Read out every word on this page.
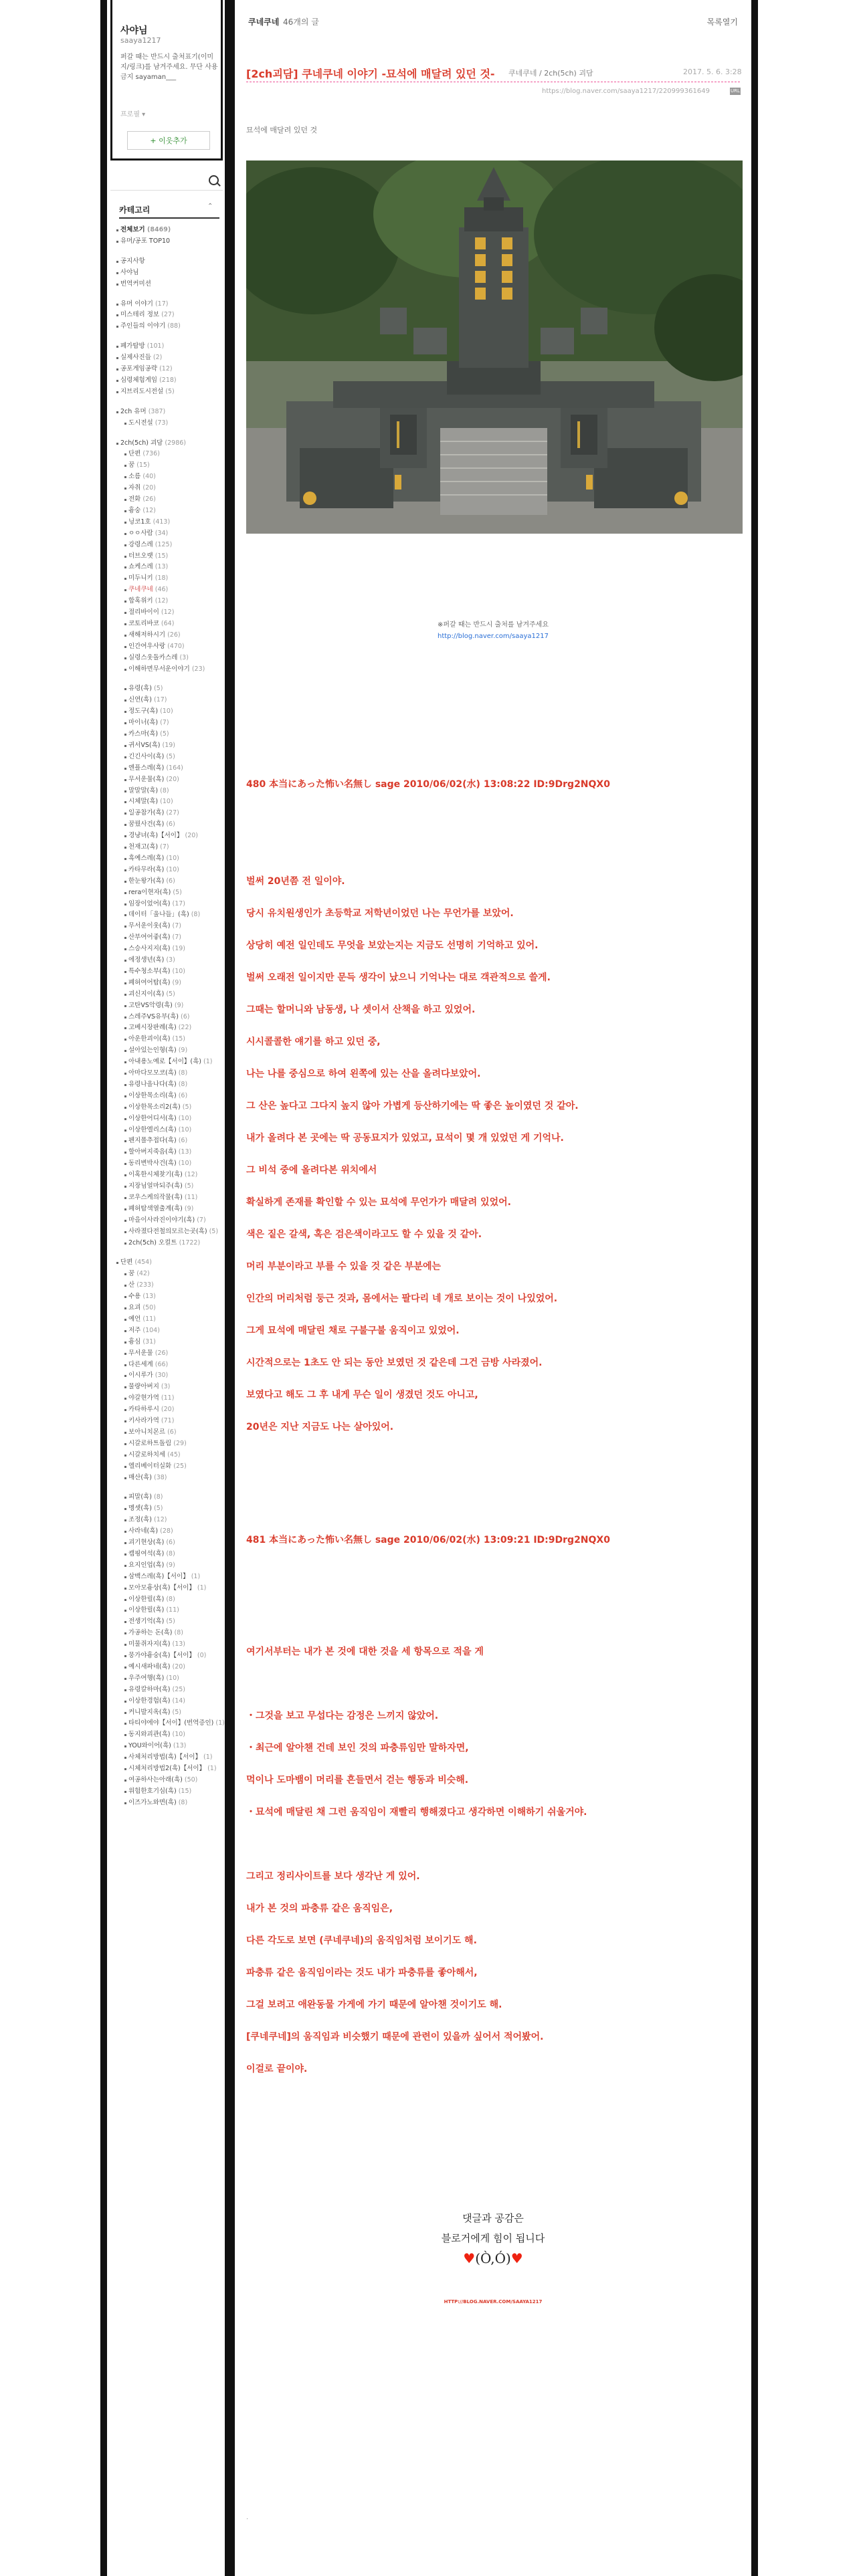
사야님
saaya1217
퍼갈 때는 반드시 출처표기(이미지/링크)를 남겨주세요. 무단 사용 금지 sayaman___
프로필 ▾
+ 이웃추가
카테고리	⌃
전체보기 (8469)
유머/공포 TOP10
공지사항
사야님
번역커미션
유머 이야기 (17)
미스테리 정보 (27)
주인들의 이야기 (88)
폐가탐방 (101)
실제사진들 (2)
공포게임공략 (12)
심령체험게임 (218)
지브리도시전설 (5)
2ch 유머 (387)
도시전설 (73)
2ch(5ch) 괴담 (2986)
단편 (736)
꿈 (15)
소름 (40)
자취 (20)
전화 (26)
흉숭 (12)
닝코1호 (413)
ㅇㅇ사람 (34)
강령스레 (125)
터브오랫 (15)
쇼케스레 (13)
미두니키 (18)
쿠네쿠네 (46)
합혹위키 (12)
절리바이이 (12)
코토리바코 (64)
새해저하시기 (26)
인간여우사랑 (470)
실령스웃돌카스레 (3)
이해하면무서운이야기 (23)
유령(흑) (5)
신연(흑) (17)
정도구(흑) (10)
마이너(흑) (7)
카스마(흑) (5)
귀서VS(흑) (19)
긴긴사이(흑) (5)
엔플스레(흑) (164)
무서운물(흑) (20)
말말말(흑) (8)
시체말(흑) (10)
일공참가(흑) (27)
꿈꿨사건(흑) (6)
경냥녀(흑)【서이】 (20)
천재고(흑) (7)
흑예스레(흑) (10)
카타무라(흑) (10)
한눈왕가(흑) (6)
rera이현자(흑) (5)
임장이었어(흑) (17)
데이터「울나들」(흑) (8)
무서운이웃(흑) (7)
산부여어좋(흑) (7)
스승사지지(흑) (19)
에정생년(흑) (3)
특수청소부(흑) (10)
폐허여어탐(흑) (9)
괴신지이(흑) (5)
고탄VS악령(흑) (9)
스레주VS유부(흑) (6)
고베시장판례(흑) (22)
아운한괴이(흑) (15)
설아있는인형(흑) (9)
아내용노예로【서이】(흑) (1)
아마다모모코(흑) (8)
유령나올나다(흑) (8)
이상한목소리(흑) (6)
이상한목소리2(흑) (5)
이상한어디서(흑) (10)
이상한엘리스(흑) (10)
펜지폴추접다(흑) (6)
할아버지죽음(흑) (13)
동리변박사건(흑) (10)
이혹한시체찾기(흑) (12)
지장님얼마되주(흑) (5)
코우스케의작물(흑) (11)
폐허탐색열출계(흑) (9)
마을이사라진이야기(흑) (7)
사라졌다전철의모르는곳(흑) (5)
2ch(5ch) 오컬트 (1722)
단편 (454)
꿈 (42)
산 (233)
수용 (13)
요괴 (50)
예언 (11)
저주 (104)
흉심 (31)
무서운물 (26)
다른세계 (66)
이시루가 (30)
물량아버지 (3)
야갈현가역 (11)
카타하루시 (20)
키사라가역 (71)
보아니치몬르 (6)
시갈로하트돌림 (29)
시갈로하치세 (45)
엘리베이터실화 (25)
매산(흑) (38)
피말(흑) (8)
멩셋(흑) (5)
조정(흑) (12)
사라네(흑) (28)
괴기현상(흑) (6)
캠핑여석(흑) (8)
요지인업(흑) (9)
삼백스레(흑)【서이】 (1)
모아모흉상(흑)【서이】 (1)
이상한릴(흑) (8)
이상한릴(흑) (11)
전생기억(흑) (5)
가공하는 돈(흑) (8)
미물쥐자지(흑) (13)
뭉가야흉숭(흑)【서이】 (0)
예시새파네(흑) (20)
우주여행(흑) (10)
유령칼하마(흑) (25)
이상한경험(흑) (14)
커니발지옥(흑) (5)
타티야에야【서이】(번역증인) (1)
동지와괴관(흑) (10)
YOU와이어(흑) (13)
사체처리방법(흑)【서이】 (1)
시체처리방법2(흑)【서이】 (1)
여공하사는아래(흑) (50)
위험한호기심(흑) (15)
이즈가노와면(흑) (8)
쿠네쿠네 46개의 글	목록열기
[2ch괴담] 쿠네쿠네 이야기 -묘석에 매달려 있던 것- 쿠네쿠네 / 2ch(5ch) 괴담	2017. 5. 6. 3:28
https://blog.naver.com/saaya1217/220999361649	URL
묘석에 매달려 있던 것
※퍼갈 때는 반드시 출처를 남겨주세요
http://blog.naver.com/saaya1217
480 本当にあった怖い名無し sage 2010/06/02(水) 13:08:22 ID:9Drg2NQX0
벌써 20년쯤 전 일이야.
당시 유치원생인가 초등학교 저학년이었던 나는 무언가를 보았어.
상당히 예전 일인데도 무엇을 보았는지는 지금도 선명히 기억하고 있어.
벌써 오래전 일이지만 문득 생각이 났으니 기억나는 대로 객관적으로 쓸게.
그때는 할머니와 남동생, 나 셋이서 산책을 하고 있었어.
시시콜콜한 얘기를 하고 있던 중,
나는 나를 중심으로 하여 왼쪽에 있는 산을 올려다보았어.
그 산은 높다고 그다지 높지 않아 가볍게 등산하기에는 딱 좋은 높이였던 것 같아.
내가 올려다 본 곳에는 딱 공동묘지가 있었고, 묘석이 몇 개 있었던 게 기억나.
그 비석 중에 올려다본 위치에서
확실하게 존재를 확인할 수 있는 묘석에 무언가가 매달려 있었어.
색은 짙은 갈색, 혹은 검은색이라고도 할 수 있을 것 같아.
머리 부분이라고 부를 수 있을 것 같은 부분에는
인간의 머리처럼 둥근 것과, 몸에서는 팔다리 네 개로 보이는 것이 나있었어.
그게 묘석에 매달린 채로 구불구불 움직이고 있었어.
시간적으로는 1초도 안 되는 동안 보였던 것 같은데 그건 금방 사라졌어.
보였다고 해도 그 후 내게 무슨 일이 생겼던 것도 아니고,
20년은 지난 지금도 나는 살아있어.
481 本当にあった怖い名無し sage 2010/06/02(水) 13:09:21 ID:9Drg2NQX0
여기서부터는 내가 본 것에 대한 것을 세 항목으로 적을 게
・그것을 보고 무섭다는 감정은 느끼지 않았어.
・최근에 알아챈 건데 보인 것의 파충류임만 말하자면,
먹이나 도마뱀이 머리를 흔들면서 걷는 행동과 비슷해.
・묘석에 매달린 채 그런 움직임이 재빨리 행해졌다고 생각하면 이해하기 쉬울거야.
그리고 정리사이트를 보다 생각난 게 있어.
내가 본 것의 파충류 같은 움직임은,
다른 각도로 보면 (쿠네쿠네)의 움직임처럼 보이기도 해.
파충류 같은 움직임이라는 것도 내가 파충류를 좋아해서,
그걸 보려고 애완동물 가게에 가기 때문에 알아챈 것이기도 해.
[쿠네쿠네]의 움직임과 비슷했기 때문에 관련이 있을까 싶어서 적어봤어.
이걸로 끝이야.
댓글과 공감은
블로거에게 힘이 됩니다
♥(Ò,Ó)♥
HTTP://BLOG.NAVER.COM/SAAYA1217
·
